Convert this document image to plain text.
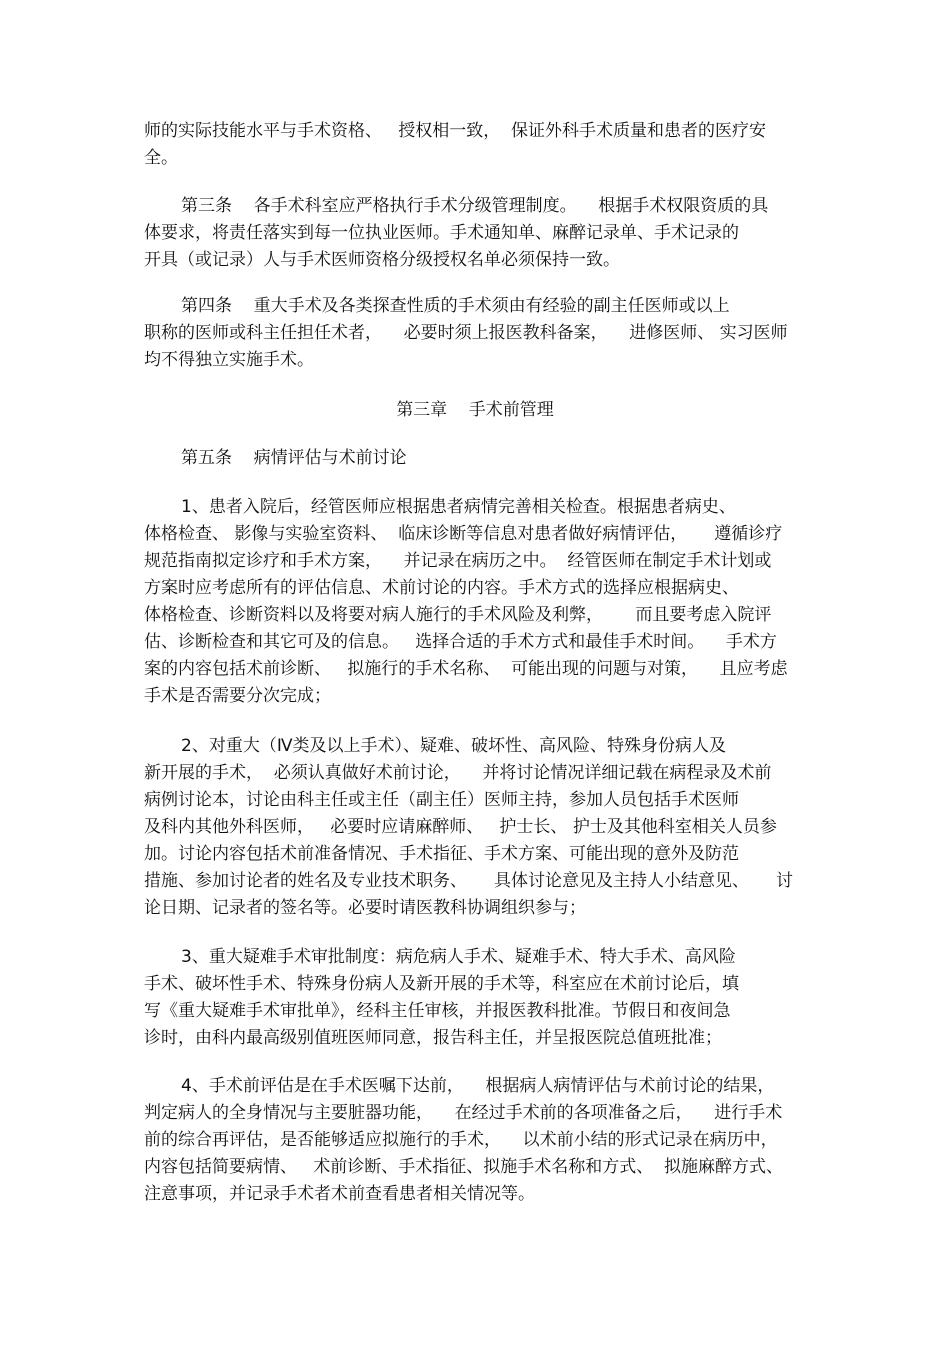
师的实际技能水平与手术资格、   授权相一致，  保证外科手术质量和患者的医疗安
全。
第三条    各手术科室应严格执行手术分级管理制度。    根据手术权限资质的具
体要求，将责任落实到每一位执业医师。手术通知单、麻醉记录单、手术记录的
开具（或记录）人与手术医师资格分级授权名单必须保持一致。
第四条    重大手术及各类探查性质的手术须由有经验的副主任医师或以上
职称的医师或科主任担任术者，    必要时须上报医教科备案，    进修医师、 实习医师
均不得独立实施手术。
第三章    手术前管理
第五条    病情评估与术前讨论
1、患者入院后，经管医师应根据患者病情完善相关检查。根据患者病史、
体格检查、 影像与实验室资料、  临床诊断等信息对患者做好病情评估，     遵循诊疗
规范指南拟定诊疗和手术方案，    并记录在病历之中。  经管医师在制定手术计划或
方案时应考虑所有的评估信息、术前讨论的内容。手术方式的选择应根据病史、
体格检查、诊断资料以及将要对病人施行的手术风险及利弊，      而且要考虑入院评
估、诊断检查和其它可及的信息。   选择合适的手术方式和最佳手术时间。    手术方
案的内容包括术前诊断、   拟施行的手术名称、  可能出现的问题与对策，    且应考虑
手术是否需要分次完成；
2、对重大（Ⅳ类及以上手术）、疑难、破坏性、高风险、特殊身份病人及
新开展的手术，  必须认真做好术前讨论，    并将讨论情况详细记载在病程录及术前
病例讨论本，讨论由科主任或主任（副主任）医师主持，参加人员包括手术医师
及科内其他外科医师，   必要时应请麻醉师、   护士长、 护士及其他科室相关人员参
加。讨论内容包括术前准备情况、手术指征、手术方案、可能出现的意外及防范
措施、参加讨论者的姓名及专业技术职务、     具体讨论意见及主持人小结意见、     讨
论日期、记录者的签名等。必要时请医教科协调组织参与；
3、重大疑难手术审批制度：病危病人手术、疑难手术、特大手术、高风险
手术、破坏性手术、特殊身份病人及新开展的手术等，科室应在术前讨论后，填
写《重大疑难手术审批单》，经科主任审核，并报医教科批准。节假日和夜间急
诊时，由科内最高级别值班医师同意，报告科主任，并呈报医院总值班批准；
4、手术前评估是在手术医嘱下达前，    根据病人病情评估与术前讨论的结果，
判定病人的全身情况与主要脏器功能，    在经过手术前的各项准备之后，    进行手术
前的综合再评估，是否能够适应拟施行的手术，    以术前小结的形式记录在病历中，
内容包括简要病情、   术前诊断、手术指征、拟施手术名称和方式、  拟施麻醉方式、
注意事项，并记录手术者术前查看患者相关情况等。
